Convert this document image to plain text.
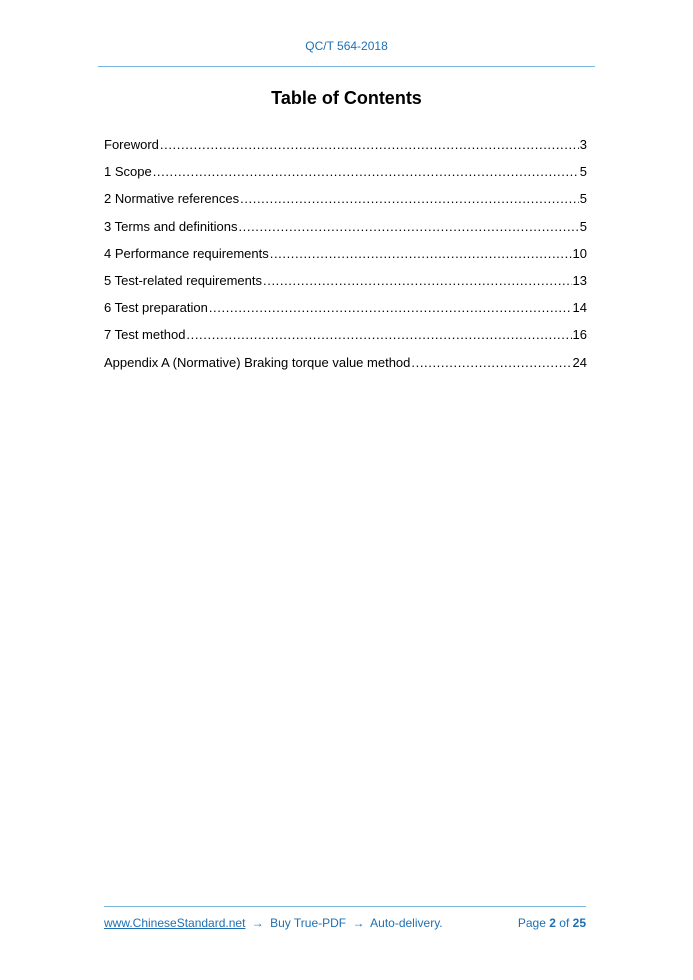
QC/T 564-2018
Table of Contents
Foreword .....	3
1 Scope .....	5
2 Normative references .....	5
3 Terms and definitions .....	5
4 Performance requirements .....	10
5 Test-related requirements .....	13
6 Test preparation .....	14
7 Test method .....	16
Appendix A (Normative) Braking torque value method .....	24
www.ChineseStandard.net → Buy True-PDF → Auto-delivery.	Page 2 of 25
